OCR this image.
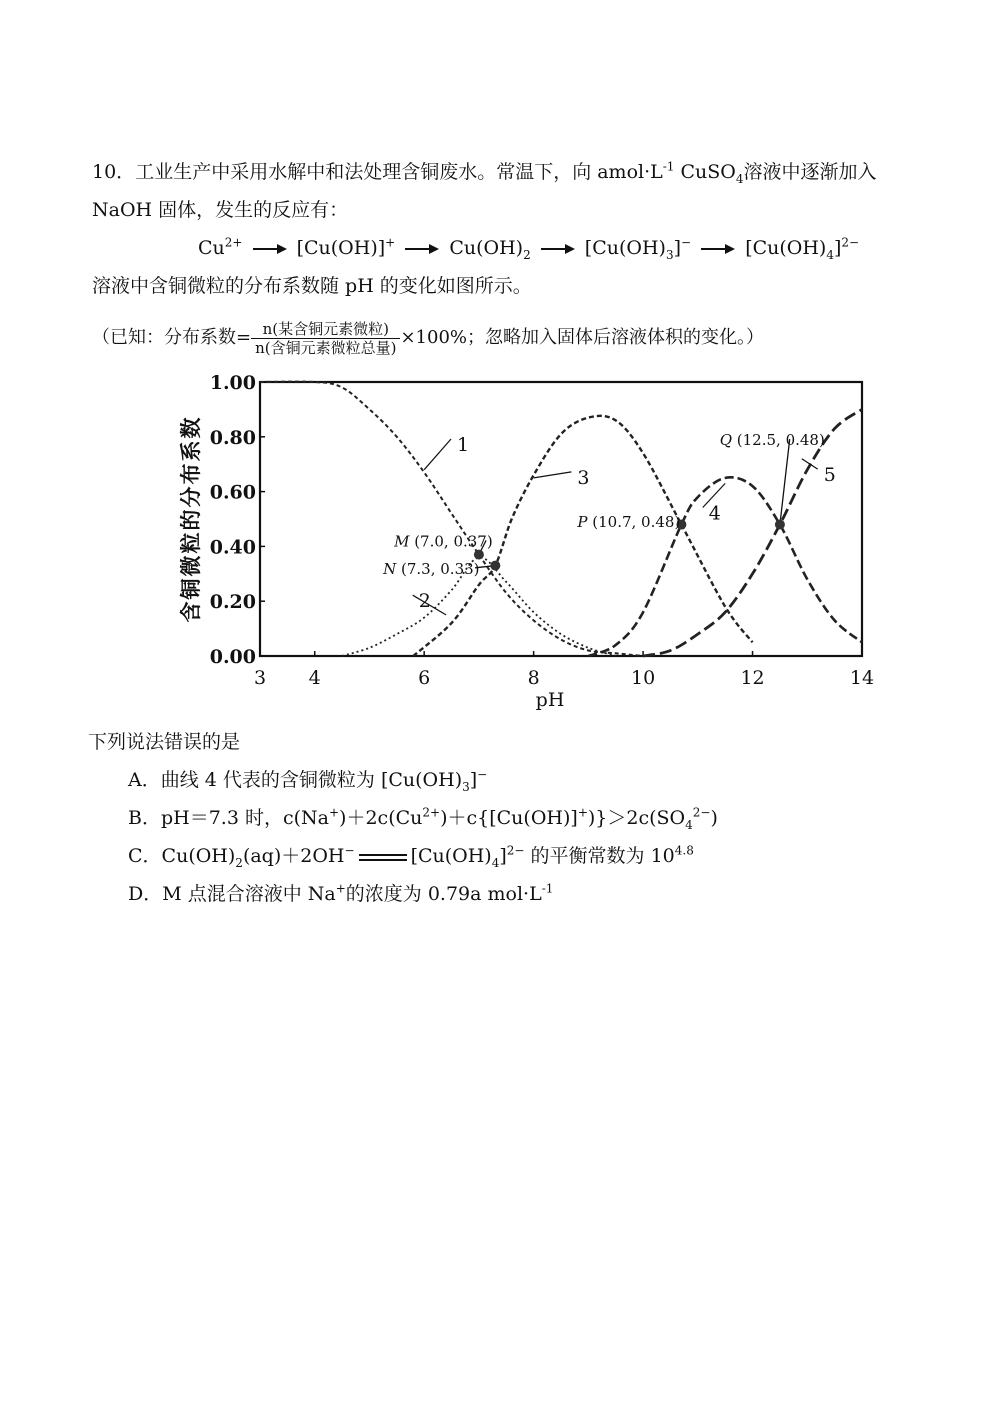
10．工业生产中采用水解中和法处理含铜废水。常温下，向 $amol\cdot L^{-1}$ CuSO$_4$溶液中逐渐加入
NaOH 固体，发生的反应有：
$Cu^{2+}$	[Cu(OH)]+	$Cu(OH)_2$	$[Cu(OH)_3]^-$	$[Cu(OH)_4]^{2-}$
溶液中含铜微粒的分布系数随 pH 的变化如图所示。
（已知：分布系数= $\frac{\text{n(某含铜元素微粒)}}{\text{n(含铜元素微粒总量)}} \times 100\%$；忽略加入固体后溶液体积的变化。）
3 4	6	8	10	12	14
0.00
0.20
0.40
0.60
0.80
1.00
pH
含铜微粒的分布系数	1
2
3
4
5
M (7.0, 0.37)
N (7.3, 0.33)
P (10.7, 0.48)
Q (12.5, 0.48)
下列说法错误的是
A．曲线 4 代表的含铜微粒为 $[Cu(OH)_3]^-$
B．pH＝7.3 时，$c(Na^+)+2c(Cu^{2+})+c\{[Cu(OH)]^+)\}>2c(SO_4^{2-})$
C．$Cu(OH)_2(aq)+2OH^-$	$[Cu(OH)_4]^{2-}$ 的平衡常数为 $10^{4.8}$
D．M 点混合溶液中 Na+的浓度为 0.79a $mol\cdot L^{-1}$
